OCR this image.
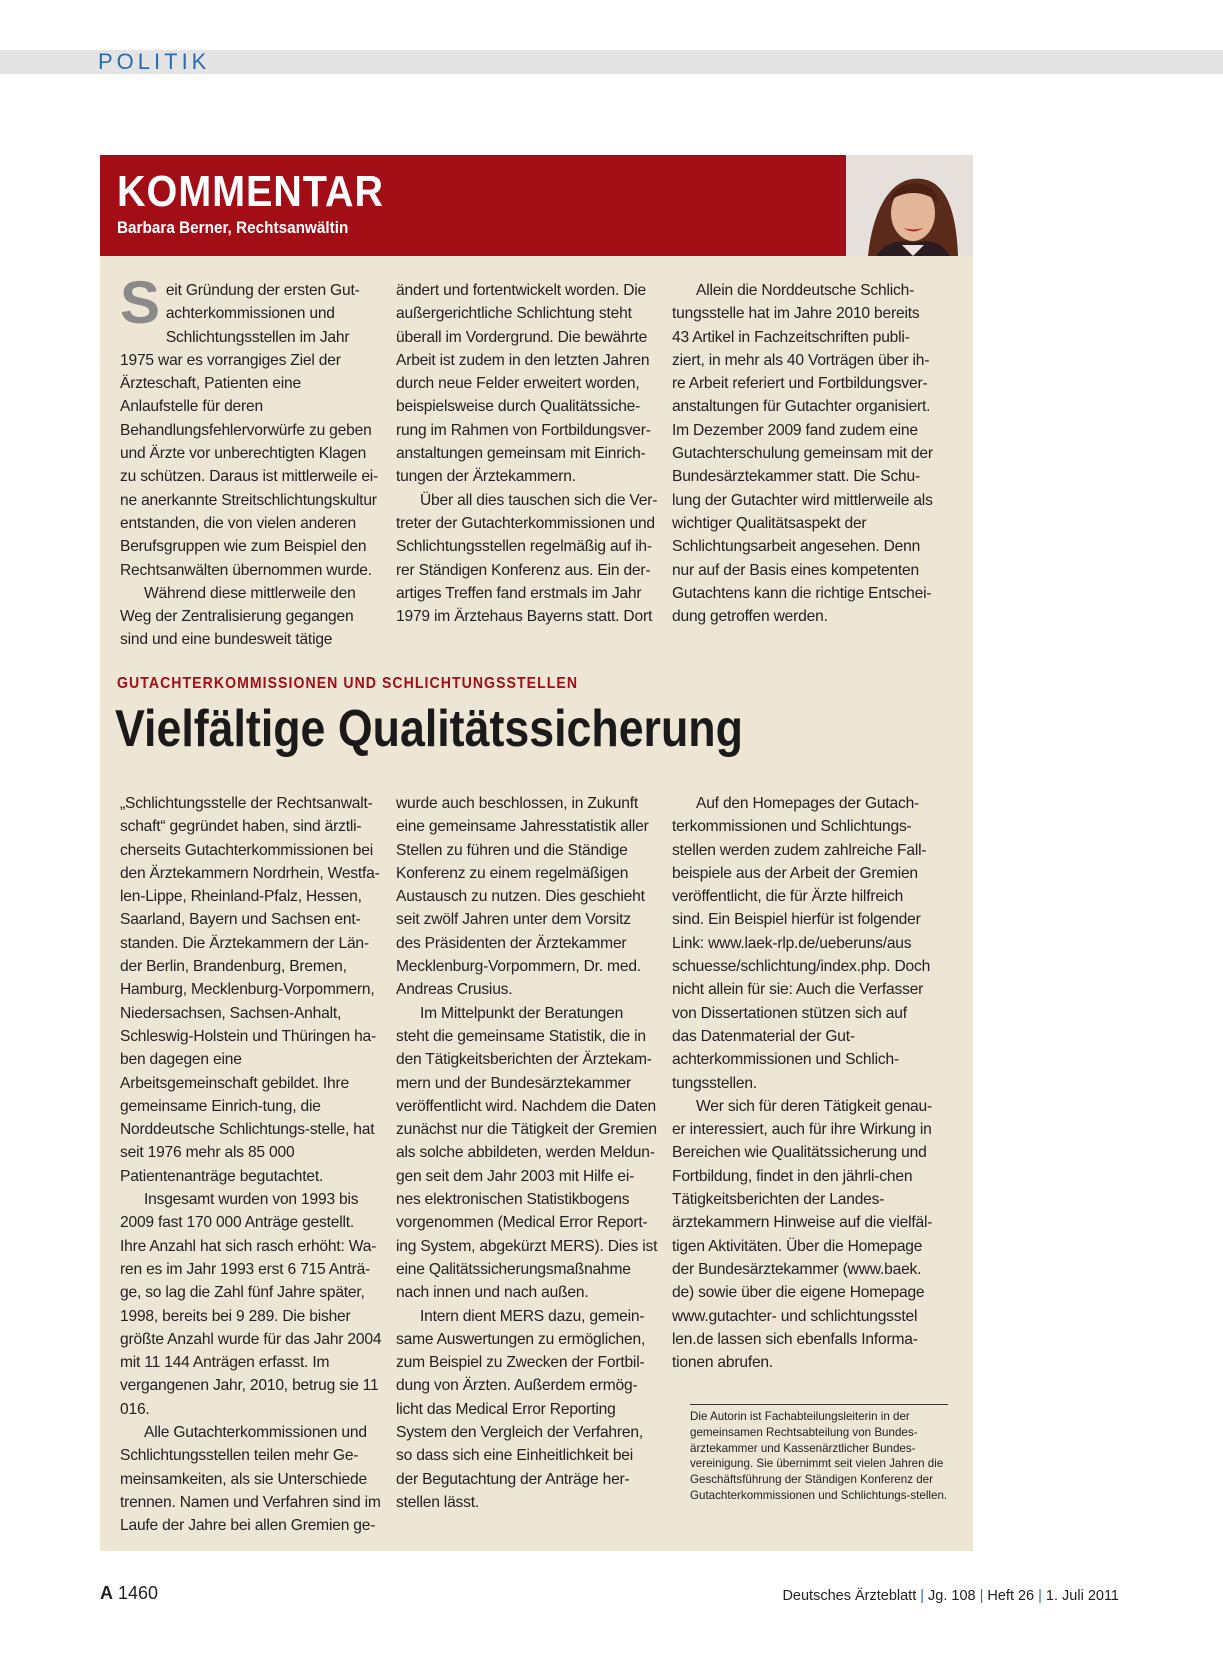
POLITIK
KOMMENTAR
Barbara Berner, Rechtsanwältin

Seit Gründung der ersten Gut-achterkommissionen und Schlichtungsstellen im Jahr 1975 war es vorrangiges Ziel der Ärzteschaft, Patienten eine Anlaufstelle für deren Behandlungsfehlervorwürfe zu geben und Ärzte vor unberechtigten Klagen zu schützen. Daraus ist mittlerweile ei-ne anerkannte Streitschlichtungskultur entstanden, die von vielen anderen Berufsgruppen wie zum Beispiel den Rechtsanwälten übernommen wurde.

Während diese mittlerweile den Weg der Zentralisierung gegangen sind und eine bundesweit tätige

ändert und fortentwickelt worden. Die außergerichtliche Schlichtung steht überall im Vordergrund. Die bewährte Arbeit ist zudem in den letzten Jahren durch neue Felder erweitert worden, beispielsweise durch Qualitätssiche-rung im Rahmen von Fortbildungsver-anstaltungen gemeinsam mit Einrich-tungen der Ärztekammern.

Über all dies tauschen sich die Ver-treter der Gutachterkommissionen und Schlichtungsstellen regelmäßig auf ih-rer Ständigen Konferenz aus. Ein der-artiges Treffen fand erstmals im Jahr 1979 im Ärztehaus Bayerns statt. Dort

Allein die Norddeutsche Schlich-tungsstelle hat im Jahre 2010 bereits 43 Artikel in Fachzeitschriften publi-ziert, in mehr als 40 Vorträgen über ih-re Arbeit referiert und Fortbildungsver-anstaltungen für Gutachter organisiert. Im Dezember 2009 fand zudem eine Gutachterschulung gemeinsam mit der Bundesärztekammer statt. Die Schu-lung der Gutachter wird mittlerweile als wichtiger Qualitätsaspekt der Schlichtungsarbeit angesehen. Denn nur auf der Basis eines kompetenten Gutachtens kann die richtige Entschei-dung getroffen werden.

GUTACHTERKOMMISSIONEN UND SCHLICHTUNGSSTELLEN
Vielfältige Qualitätssicherung

„Schlichtungsstelle der Rechtsanwalt-schaft“ gegründet haben, sind ärztli-cherseits Gutachterkommissionen bei den Ärztekammern Nordrhein, Westfa-len-Lippe, Rheinland-Pfalz, Hessen, Saarland, Bayern und Sachsen ent-standen. Die Ärztekammern der Län-der Berlin, Brandenburg, Bremen, Hamburg, Mecklenburg-Vorpommern, Niedersachsen, Sachsen-Anhalt, Schleswig-Holstein und Thüringen ha-ben dagegen eine Arbeitsgemeinschaft gebildet. Ihre gemeinsame Einrich-tung, die Norddeutsche Schlichtungs-stelle, hat seit 1976 mehr als 85 000 Patientenanträge begutachtet.

Insgesamt wurden von 1993 bis 2009 fast 170 000 Anträge gestellt. Ihre Anzahl hat sich rasch erhöht: Wa-ren es im Jahr 1993 erst 6 715 Anträ-ge, so lag die Zahl fünf Jahre später, 1998, bereits bei 9 289. Die bisher größte Anzahl wurde für das Jahr 2004 mit 11 144 Anträgen erfasst. Im vergangenen Jahr, 2010, betrug sie 11 016.

Alle Gutachterkommissionen und Schlichtungsstellen teilen mehr Ge-meinsamkeiten, als sie Unterschiede trennen. Namen und Verfahren sind im Laufe der Jahre bei allen Gremien ge-

wurde auch beschlossen, in Zukunft eine gemeinsame Jahresstatistik aller Stellen zu führen und die Ständige Konferenz zu einem regelmäßigen Austausch zu nutzen. Dies geschieht seit zwölf Jahren unter dem Vorsitz des Präsidenten der Ärztekammer Mecklenburg-Vorpommern, Dr. med. Andreas Crusius.

Im Mittelpunkt der Beratungen steht die gemeinsame Statistik, die in den Tätigkeitsberichten der Ärztekam-mern und der Bundesärztekammer veröffentlicht wird. Nachdem die Daten zunächst nur die Tätigkeit der Gremien als solche abbildeten, werden Meldun-gen seit dem Jahr 2003 mit Hilfe ei-nes elektronischen Statistikbogens vorgenommen (Medical Error Report-ing System, abgekürzt MERS). Dies ist eine Qalitätssicherungsmaßnahme nach innen und nach außen.

Intern dient MERS dazu, gemein-same Auswertungen zu ermöglichen, zum Beispiel zu Zwecken der Fortbil-dung von Ärzten. Außerdem ermög-licht das Medical Error Reporting System den Vergleich der Verfahren, so dass sich eine Einheitlichkeit bei der Begutachtung der Anträge her-stellen lässt.

Auf den Homepages der Gutach-terkommissionen und Schlichtungs-stellen werden zudem zahlreiche Fall-beispiele aus der Arbeit der Gremien veröffentlicht, die für Ärzte hilfreich sind. Ein Beispiel hierfür ist folgender Link: www.laek-rlp.de/ueberuns/aus schuesse/schlichtung/index.php. Doch nicht allein für sie: Auch die Verfasser von Dissertationen stützen sich auf das Datenmaterial der Gut-achterkommissionen und Schlich-tungsstellen.

Wer sich für deren Tätigkeit genau-er interessiert, auch für ihre Wirkung in Bereichen wie Qualitätssicherung und Fortbildung, findet in den jährli-chen Tätigkeitsberichten der Landes-ärztekammern Hinweise auf die vielfäl-tigen Aktivitäten. Über die Homepage der Bundesärztekammer (www.baek. de) sowie über die eigene Homepage www.gutachter- und schlichtungsstel len.de lassen sich ebenfalls Informa-tionen abrufen.

Die Autorin ist Fachabteilungsleiterin in der gemeinsamen Rechtsabteilung von Bundes-ärztekammer und Kassenärztlicher Bundes-vereinigung. Sie übernimmt seit vielen Jahren die Geschäftsführung der Ständigen Konferenz der Gutachterkommissionen und Schlichtungs-stellen.
A 1460	Deutsches Ärzteblatt | Jg. 108 | Heft 26 | 1. Juli 2011
